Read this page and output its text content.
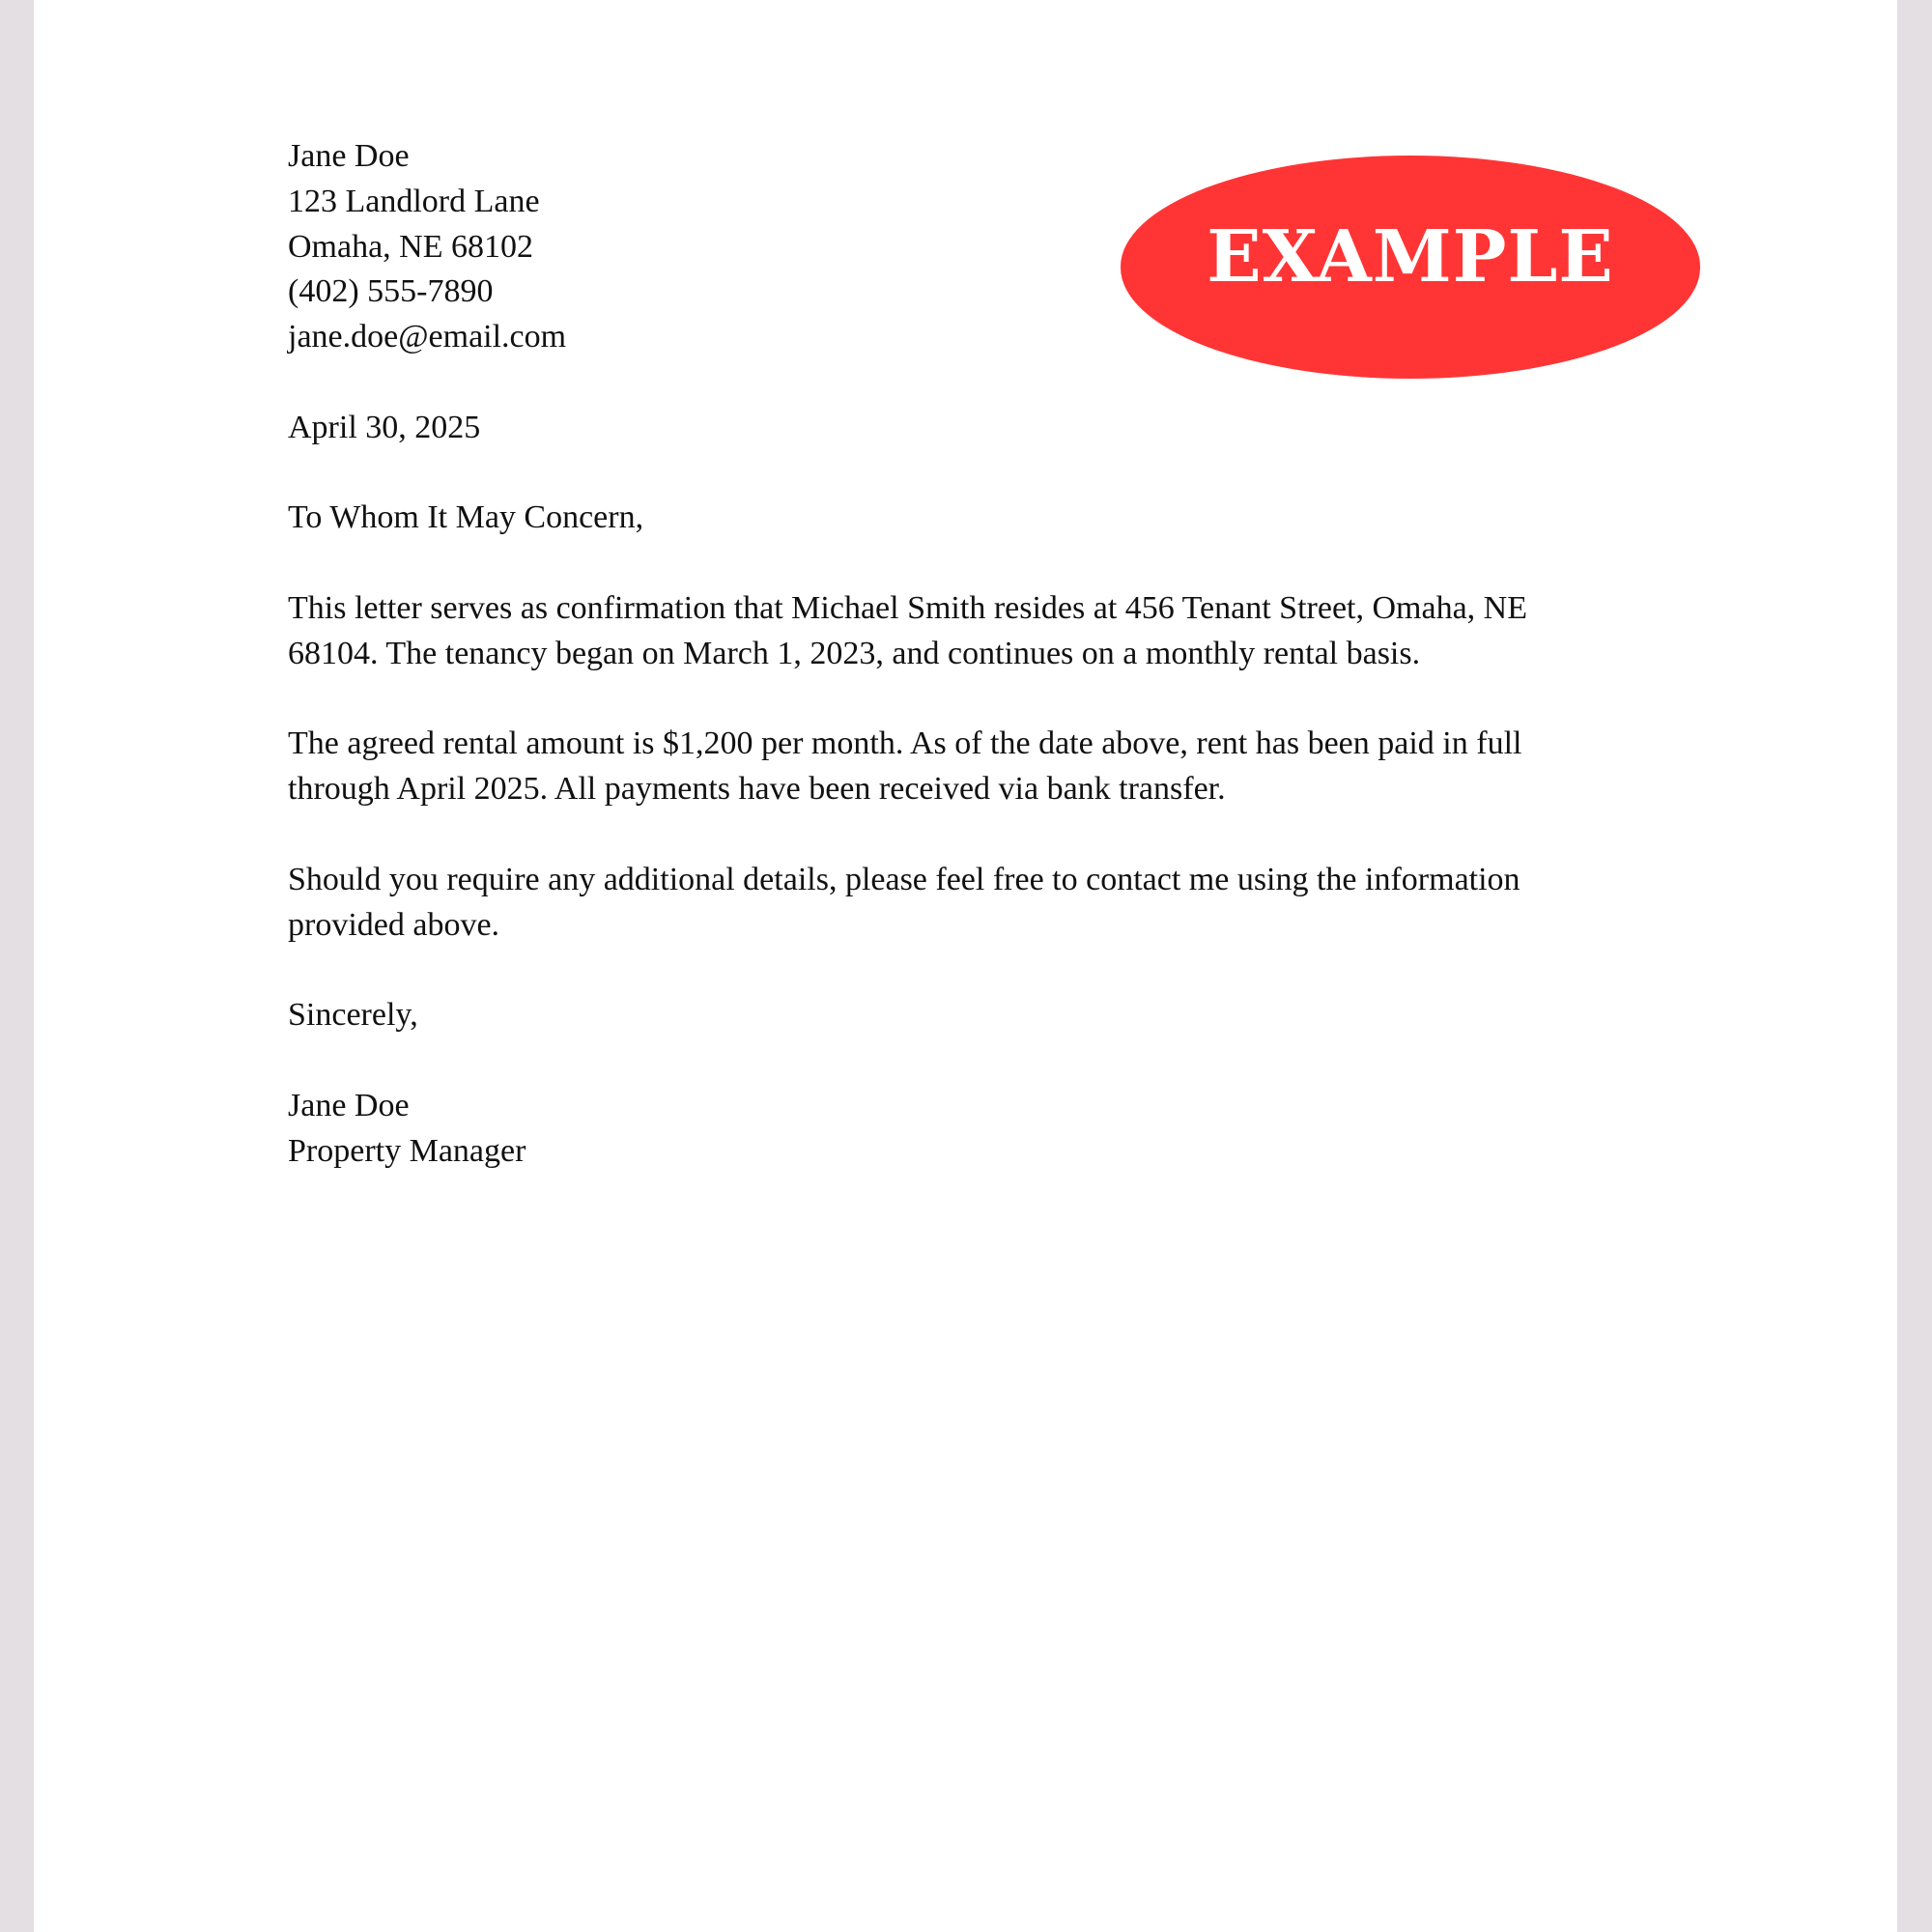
EXAMPLE
Jane Doe
123 Landlord Lane
Omaha, NE 68102
(402) 555-7890
jane.doe@email.com
April 30, 2025
To Whom It May Concern,
This letter serves as confirmation that Michael Smith resides at 456 Tenant Street, Omaha, NE
68104. The tenancy began on March 1, 2023, and continues on a monthly rental basis.
The agreed rental amount is $1,200 per month. As of the date above, rent has been paid in full
through April 2025. All payments have been received via bank transfer.
Should you require any additional details, please feel free to contact me using the information
provided above.
Sincerely,
Jane Doe
Property Manager
